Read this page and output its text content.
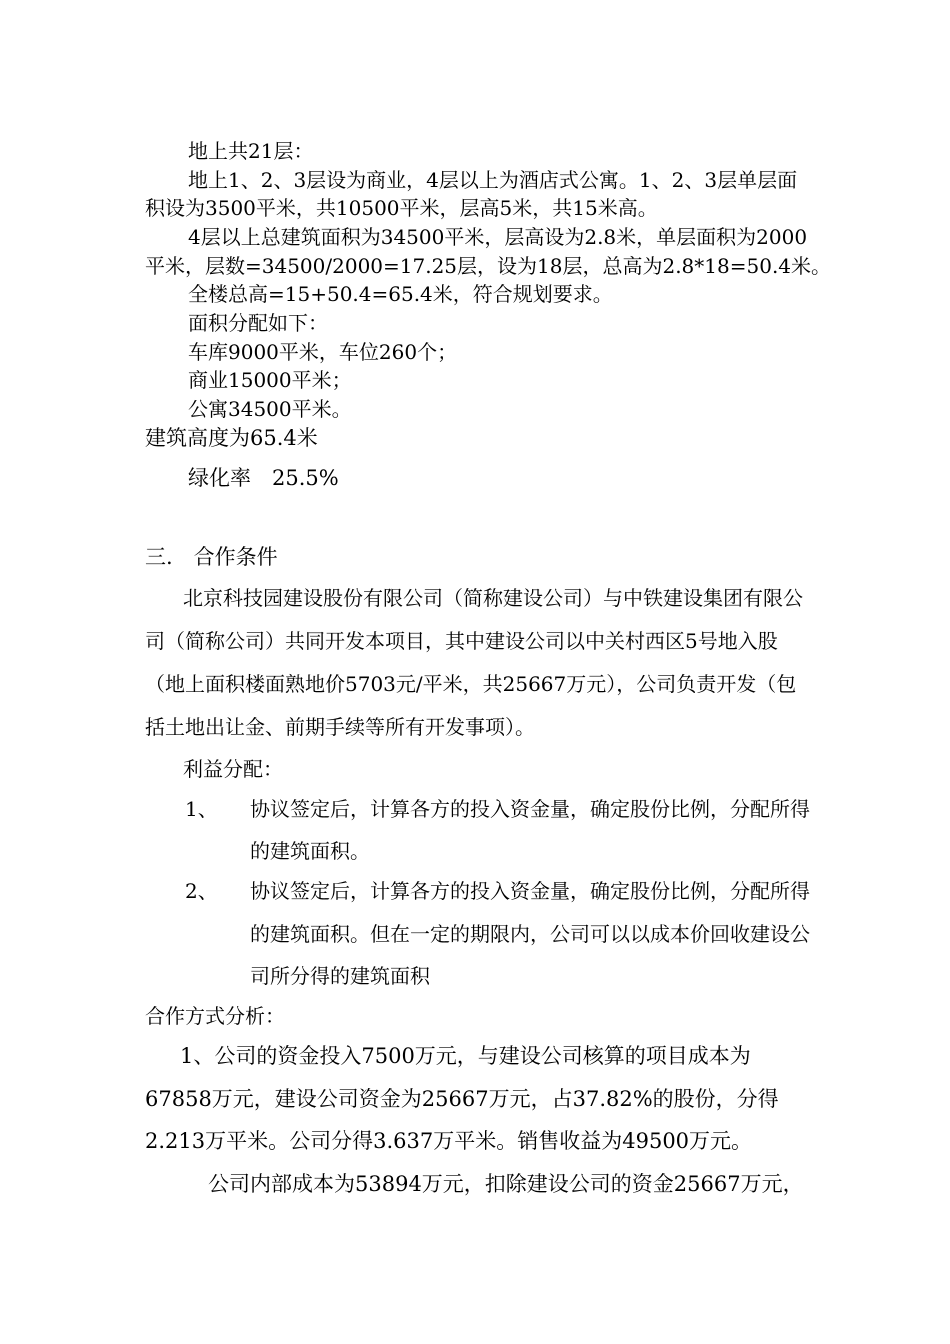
地上共21层：
地上1、2、3层设为商业，4层以上为酒店式公寓。1、2、3层单层面
积设为3500平米，共10500平米，层高5米，共15米高。
4层以上总建筑面积为34500平米，层高设为2.8米，单层面积为2000
平米，层数=34500/2000=17.25层，设为18层，总高为2.8*18=50.4米。
全楼总高=15+50.4=65.4米，符合规划要求。
面积分配如下：
车库9000平米，车位260个；
商业15000平米；
公寓34500平米。
建筑高度为65.4米
绿化率　25.5%
三.　合作条件
北京科技园建设股份有限公司（简称建设公司）与中铁建设集团有限公
司（简称公司）共同开发本项目，其中建设公司以中关村西区5号地入股
（地上面积楼面熟地价5703元/平米，共25667万元），公司负责开发（包
括土地出让金、前期手续等所有开发事项）。
利益分配：
1、 协议签定后，计算各方的投入资金量，确定股份比例，分配所得
的建筑面积。
2、 协议签定后，计算各方的投入资金量，确定股份比例，分配所得
的建筑面积。但在一定的期限内，公司可以以成本价回收建设公
司所分得的建筑面积
合作方式分析：
1、公司的资金投入7500万元，与建设公司核算的项目成本为
67858万元，建设公司资金为25667万元，占37.82%的股份，分得
2.213万平米。公司分得3.637万平米。销售收益为49500万元。
公司内部成本为53894万元，扣除建设公司的资金25667万元，
